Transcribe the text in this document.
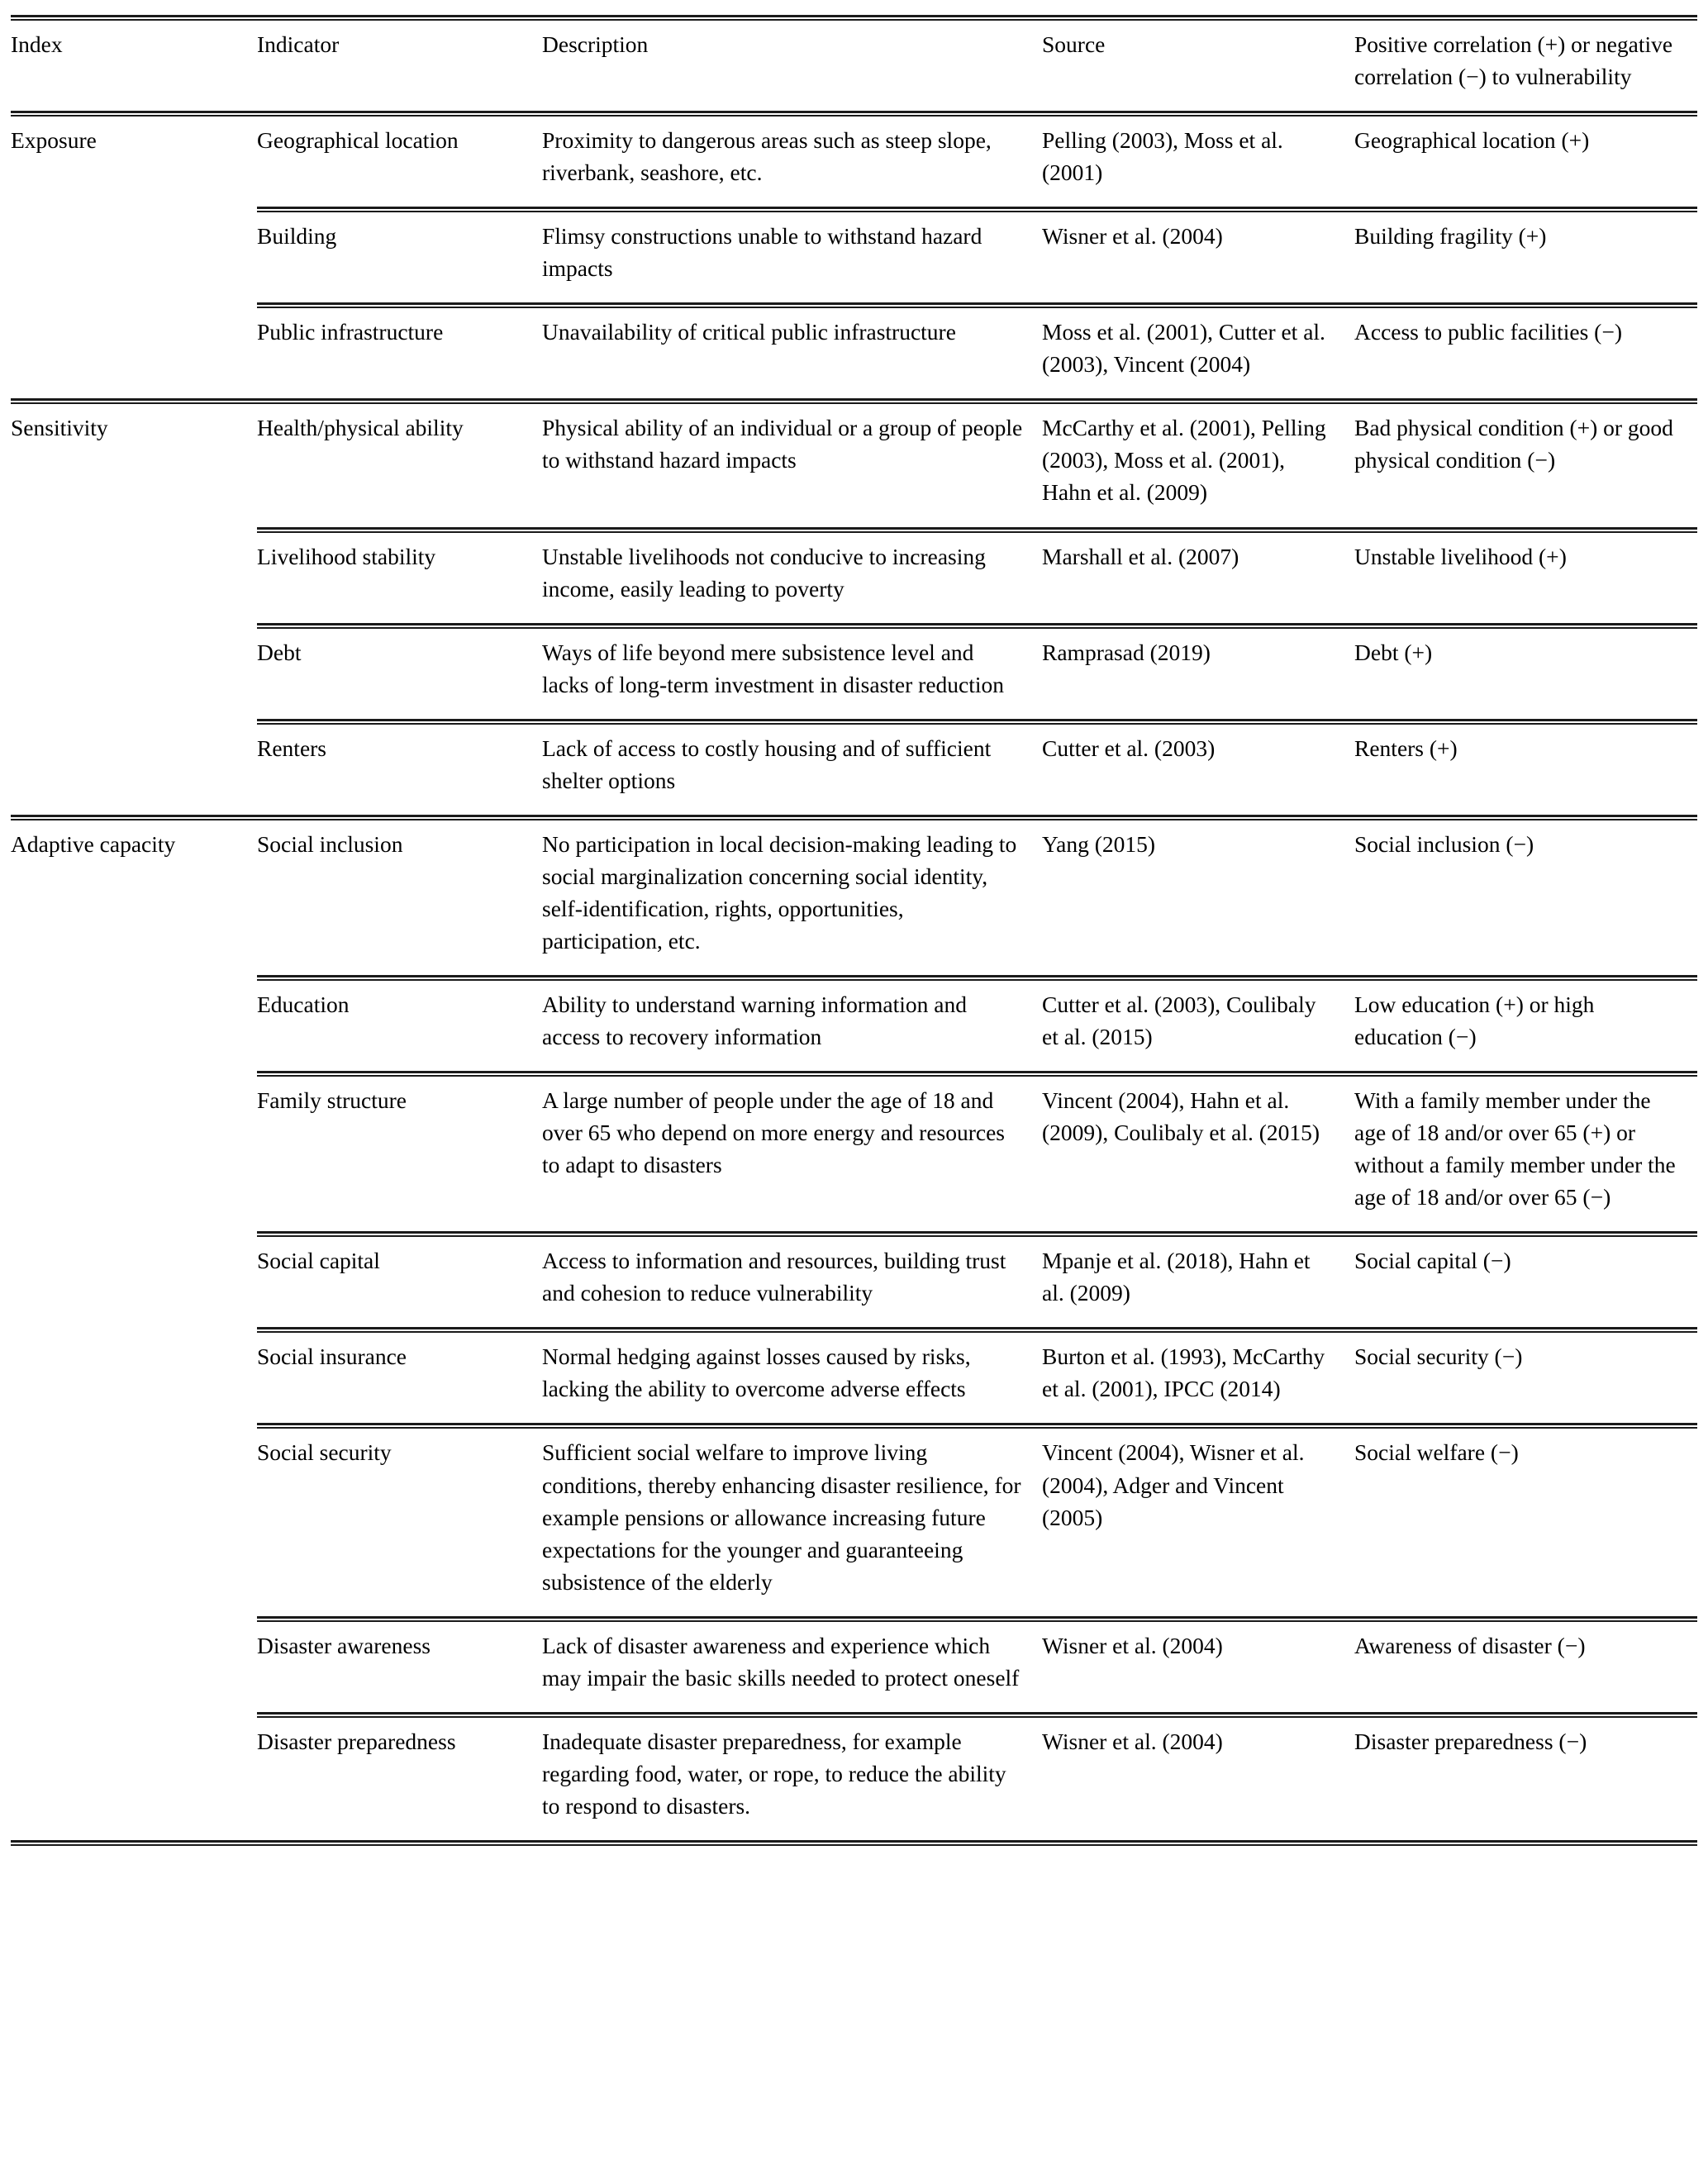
Index	Indicator	Description	Source	Positive correlation (+) or negative correlation (−) to vulnerability

Exposure	Geographical location	Proximity to dangerous areas such as steep slope, riverbank, seashore, etc.	Pelling (2003), Moss et al. (2001)	Geographical location (+)

	Building	Flimsy constructions unable to withstand hazard impacts	Wisner et al. (2004)	Building fragility (+)

	Public infrastructure	Unavailability of critical public infrastructure	Moss et al. (2001), Cutter et al. (2003), Vincent (2004)	Access to public facilities (−)

Sensitivity	Health/physical ability	Physical ability of an individual or a group of people to withstand hazard impacts	McCarthy et al. (2001), Pelling (2003), Moss et al. (2001), Hahn et al. (2009)	Bad physical condition (+) or good physical condition (−)

	Livelihood stability	Unstable livelihoods not conducive to increasing income, easily leading to poverty	Marshall et al. (2007)	Unstable livelihood (+)

	Debt	Ways of life beyond mere subsistence level and lacks of long-term investment in disaster reduction	Ramprasad (2019)	Debt (+)

	Renters	Lack of access to costly housing and of sufficient shelter options	Cutter et al. (2003)	Renters (+)

Adaptive capacity	Social inclusion	No participation in local decision-making leading to social marginalization concerning social identity, self-identification, rights, opportunities, participation, etc.	Yang (2015)	Social inclusion (−)

	Education	Ability to understand warning information and access to recovery information	Cutter et al. (2003), Coulibaly et al. (2015)	Low education (+) or high education (−)

	Family structure	A large number of people under the age of 18 and over 65 who depend on more energy and resources to adapt to disasters	Vincent (2004), Hahn et al. (2009), Coulibaly et al. (2015)	With a family member under the age of 18 and/or over 65 (+) or without a family member under the age of 18 and/or over 65 (−)

	Social capital	Access to information and resources, building trust and cohesion to reduce vulnerability	Mpanje et al. (2018), Hahn et al. (2009)	Social capital (−)

	Social insurance	Normal hedging against losses caused by risks, lacking the ability to overcome adverse effects	Burton et al. (1993), McCarthy et al. (2001), IPCC (2014)	Social security (−)

	Social security	Sufficient social welfare to improve living conditions, thereby enhancing disaster resilience, for example pensions or allowance increasing future expectations for the younger and guaranteeing subsistence of the elderly	Vincent (2004), Wisner et al. (2004), Adger and Vincent (2005)	Social welfare (−)

	Disaster awareness	Lack of disaster awareness and experience which may impair the basic skills needed to protect oneself	Wisner et al. (2004)	Awareness of disaster (−)

	Disaster preparedness	Inadequate disaster preparedness, for example regarding food, water, or rope, to reduce the ability to respond to disasters.	Wisner et al. (2004)	Disaster preparedness (−)
